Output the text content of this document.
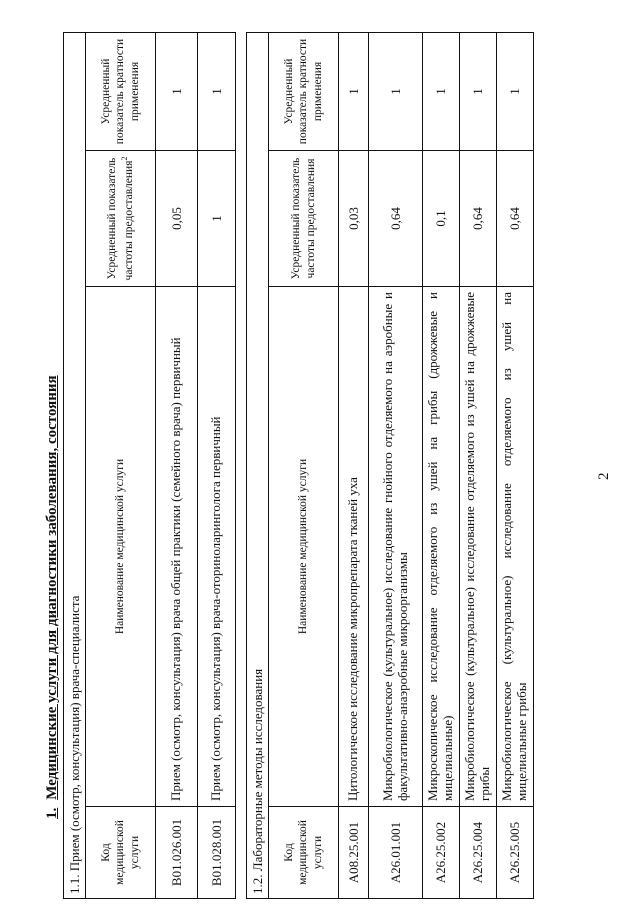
2
1.Медицинские услуги для диагностики заболевания, состояния 1.1. Прием (осмотр, консультация) врача-специалиста			
Код медицинской услуги	Наименование медицинской услуги	Усредненный показатель частоты предоставления$^2$	Усредненный показатель кратности применения
B01.026.001	Прием (осмотр, консультация) врача общей практики (семейного врача) первичный	0,05	1
B01.028.001	Прием (осмотр, консультация) врача-оториноларинголога первичный	1	1
1.2. Лабораторные методы исследования			
Код медицинской услуги	Наименование медицинской услуги	Усредненный показатель частоты предоставления	Усредненный показатель кратности применения
A08.25.001	Цитологическое исследование микропрепарата тканей уха	0,03	1
A26.01.001	Микробиологическое (культуральное) исследование гнойного отделяемого на аэробные и факультативно-анаэробные микроорганизмы	0,64	1
A26.25.002	Микроскопическое исследование отделяемого из ушей на грибы (дрожжевые и мицелиальные)	0,1	1
A26.25.004	Микробиологическое (культуральное) исследование отделяемого из ушей на дрожжевые грибы	0,64	1
A26.25.005	Микробиологическое (культуральное) исследование отделяемого из ушей на мицелиальные грибы	0,64	1
